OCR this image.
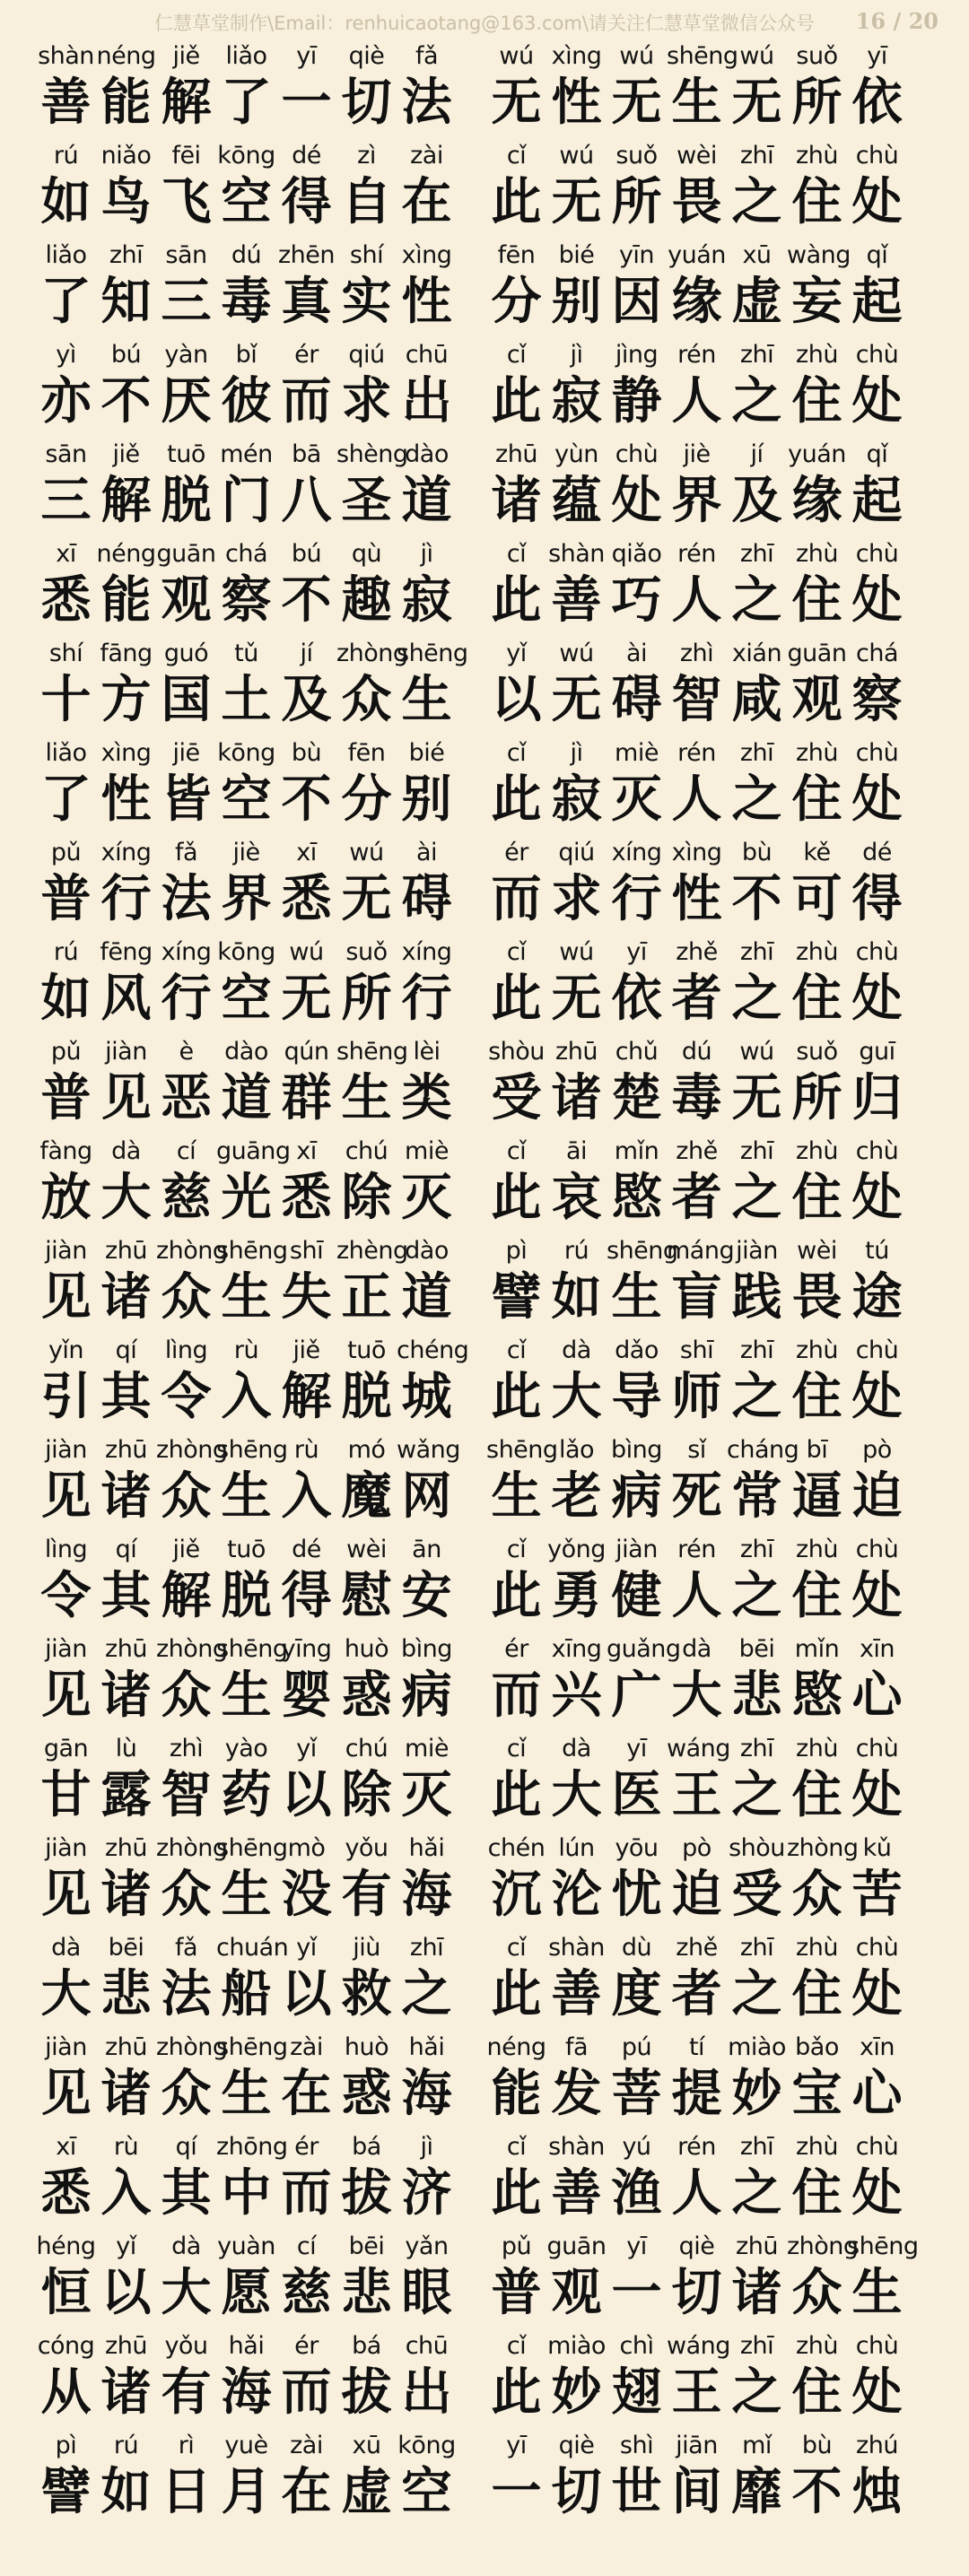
仁慧草堂制作\Email：renhuicaotang@163.com\请关注仁慧草堂微信公众号	16 / 20
shàn
善
néng
能
jiě
解
liǎo
了
yī
一
qiè
切
fǎ
法
wú
无
xìng
性
wú
无
shēng
生
wú
无
suǒ
所
yī
依
rú
如
niǎo
鸟
fēi
飞
kōng
空
dé
得
zì
自
zài
在
cǐ
此
wú
无
suǒ
所
wèi
畏
zhī
之
zhù
住
chù
处
liǎo
了
zhī
知
sān
三
dú
毒
zhēn
真
shí
实
xìng
性
fēn
分
bié
别
yīn
因
yuán
缘
xū
虚
wàng
妄
qǐ
起
yì
亦
bú
不
yàn
厌
bǐ
彼
ér
而
qiú
求
chū
出
cǐ
此
jì
寂
jìng
静
rén
人
zhī
之
zhù
住
chù
处
sān
三
jiě
解
tuō
脱
mén
门
bā
八
shèng
圣
dào
道
zhū
诸
yùn
蕴
chù
处
jiè
界
jí
及
yuán
缘
qǐ
起
xī
悉
néng
能
guān
观
chá
察
bú
不
qù
趣
jì
寂
cǐ
此
shàn
善
qiǎo
巧
rén
人
zhī
之
zhù
住
chù
处
shí
十
fāng
方
guó
国
tǔ
土
jí
及
zhòng
众
shēng
生
yǐ
以
wú
无
ài
碍
zhì
智
xián
咸
guān
观
chá
察
liǎo
了
xìng
性
jiē
皆
kōng
空
bù
不
fēn
分
bié
别
cǐ
此
jì
寂
miè
灭
rén
人
zhī
之
zhù
住
chù
处
pǔ
普
xíng
行
fǎ
法
jiè
界
xī
悉
wú
无
ài
碍
ér
而
qiú
求
xíng
行
xìng
性
bù
不
kě
可
dé
得
rú
如
fēng
风
xíng
行
kōng
空
wú
无
suǒ
所
xíng
行
cǐ
此
wú
无
yī
依
zhě
者
zhī
之
zhù
住
chù
处
pǔ
普
jiàn
见
è
恶
dào
道
qún
群
shēng
生
lèi
类
shòu
受
zhū
诸
chǔ
楚
dú
毒
wú
无
suǒ
所
guī
归
fàng
放
dà
大
cí
慈
guāng
光
xī
悉
chú
除
miè
灭
cǐ
此
āi
哀
mǐn
愍
zhě
者
zhī
之
zhù
住
chù
处
jiàn
见
zhū
诸
zhòng
众
shēng
生
shī
失
zhèng
正
dào
道
pì
譬
rú
如
shēng
生
máng
盲
jiàn
践
wèi
畏
tú
途
yǐn
引
qí
其
lìng
令
rù
入
jiě
解
tuō
脱
chéng
城
cǐ
此
dà
大
dǎo
导
shī
师
zhī
之
zhù
住
chù
处
jiàn
见
zhū
诸
zhòng
众
shēng
生
rù
入
mó
魔
wǎng
网
shēng
生
lǎo
老
bìng
病
sǐ
死
cháng
常
bī
逼
pò
迫
lìng
令
qí
其
jiě
解
tuō
脱
dé
得
wèi
慰
ān
安
cǐ
此
yǒng
勇
jiàn
健
rén
人
zhī
之
zhù
住
chù
处
jiàn
见
zhū
诸
zhòng
众
shēng
生
yīng
婴
huò
惑
bìng
病
ér
而
xīng
兴
guǎng
广
dà
大
bēi
悲
mǐn
愍
xīn
心
gān
甘
lù
露
zhì
智
yào
药
yǐ
以
chú
除
miè
灭
cǐ
此
dà
大
yī
医
wáng
王
zhī
之
zhù
住
chù
处
jiàn
见
zhū
诸
zhòng
众
shēng
生
mò
没
yǒu
有
hǎi
海
chén
沉
lún
沦
yōu
忧
pò
迫
shòu
受
zhòng
众
kǔ
苦
dà
大
bēi
悲
fǎ
法
chuán
船
yǐ
以
jiù
救
zhī
之
cǐ
此
shàn
善
dù
度
zhě
者
zhī
之
zhù
住
chù
处
jiàn
见
zhū
诸
zhòng
众
shēng
生
zài
在
huò
惑
hǎi
海
néng
能
fā
发
pú
菩
tí
提
miào
妙
bǎo
宝
xīn
心
xī
悉
rù
入
qí
其
zhōng
中
ér
而
bá
拔
jì
济
cǐ
此
shàn
善
yú
渔
rén
人
zhī
之
zhù
住
chù
处
héng
恒
yǐ
以
dà
大
yuàn
愿
cí
慈
bēi
悲
yǎn
眼
pǔ
普
guān
观
yī
一
qiè
切
zhū
诸
zhòng
众
shēng
生
cóng
从
zhū
诸
yǒu
有
hǎi
海
ér
而
bá
拔
chū
出
cǐ
此
miào
妙
chì
翅
wáng
王
zhī
之
zhù
住
chù
处
pì
譬
rú
如
rì
日
yuè
月
zài
在
xū
虚
kōng
空
yī
一
qiè
切
shì
世
jiān
间
mǐ
靡
bù
不
zhú
烛
